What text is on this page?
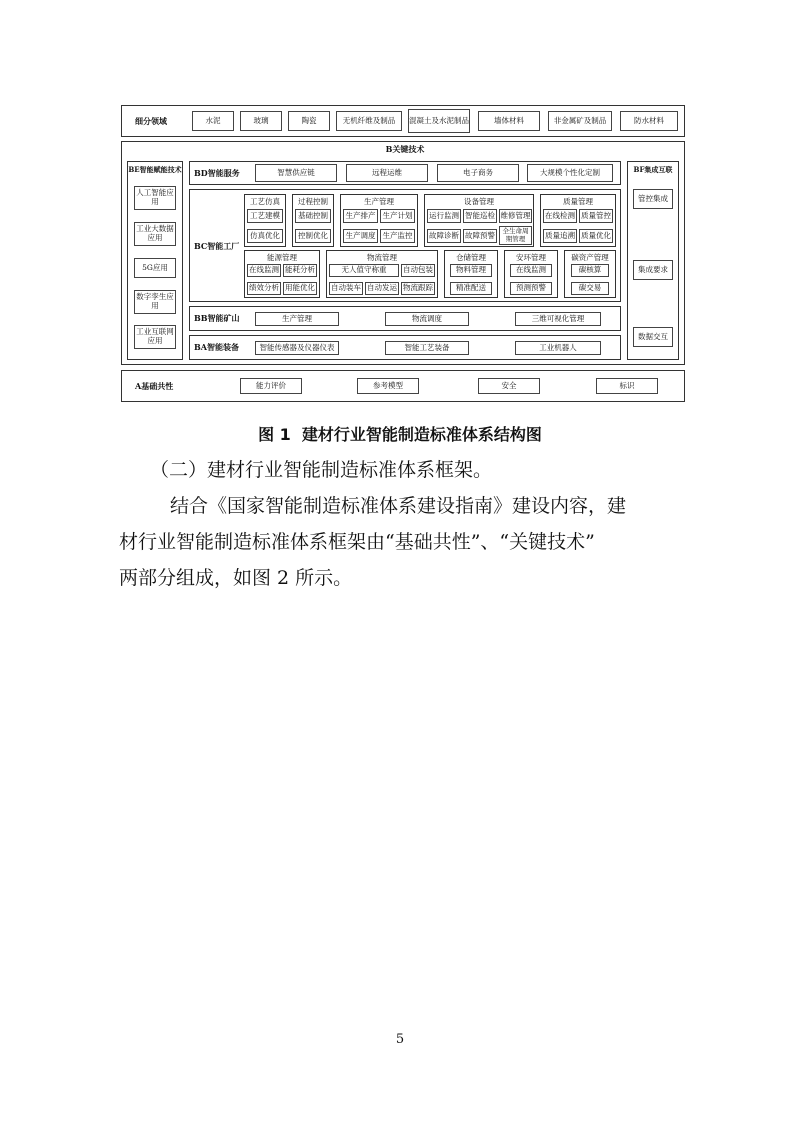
细分领域	水泥	玻璃	陶瓷	无机纤维及制品	混凝土及水泥制品	墙体材料	非金属矿及制品	防水材料
B关键技术
BE智能赋能技术
人工智能应用
工业大数据应用
5G应用
数字孪生应用
工业互联网应用
BF集成互联
管控集成
集成要求
数据交互
BD智能服务	智慧供应链	远程运维	电子商务	大规模个性化定制
BC智能工厂
工艺仿真
工艺建模
仿真优化
过程控制
基础控制
控制优化
生产管理
生产排产 生产计划
生产调度 生产监控
设备管理
运行监测 智能巡检 维修管理
故障诊断 故障预警	全生命周期管理
质量管理
在线检测 质量管控
质量追溯 质量优化
能源管理
在线监测 能耗分析
绩效分析 用能优化
物流管理
无人值守称重	自动包装
自动装车 自动发运 物流跟踪
仓储管理
物料管理
精准配送
安环管理
在线监测
预测预警
碳资产管理
碳核算
碳交易
BB智能矿山	生产管理	物流调度	三维可视化管理
BA智能装备	智能传感器及仪器仪表	智能工艺装备	工业机器人
A基础共性	能力评价	参考模型	安全	标识
图 1  建材行业智能制造标准体系结构图
（二）建材行业智能制造标准体系框架。
结合《国家智能制造标准体系建设指南》建设内容，建
材行业智能制造标准体系框架由“基础共性”、“关键技术”
两部分组成，如图 2 所示。
5
